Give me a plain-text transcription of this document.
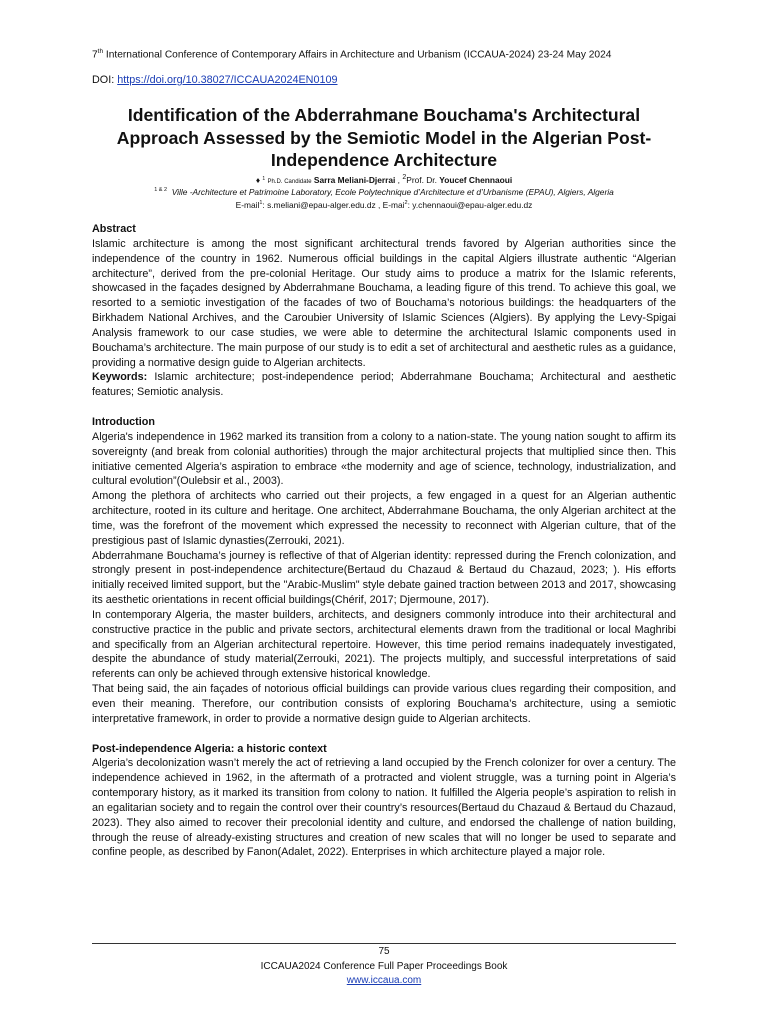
7th International Conference of Contemporary Affairs in Architecture and Urbanism (ICCAUA-2024) 23-24 May 2024
DOI: https://doi.org/10.38027/ICCAUA2024EN0109
Identification of the Abderrahmane Bouchama's Architectural
Approach Assessed by the Semiotic Model in the Algerian Post-
Independence Architecture
♦ $^1$ Ph.D. Candidate Sarra Meliani-Djerrai , $^2$Prof. Dr. Youcef Chennaoui
$^{1 \& 2}$ Ville -Architecture et Patrimoine Laboratory, Ecole Polytechnique d’Architecture et d’Urbanisme (EPAU), Algiers, Algeria
E-mail$^1$: s.meliani@epau-alger.edu.dz , E-mai$^2$: y.chennaoui@epau-alger.edu.dz

Abstract

Islamic architecture is among the most significant architectural trends favored by Algerian authorities since the independence of the country in 1962. Numerous official buildings in the capital Algiers illustrate authentic “Algerian architecture”, derived from the pre-colonial Heritage. Our study aims to produce a matrix for the Islamic referents, showcased in the façades designed by Abderrahmane Bouchama, a leading figure of this trend. To achieve this goal, we resorted to a semiotic investigation of the facades of two of Bouchama’s notorious buildings: the headquarters of the Birkhadem National Archives, and the Caroubier University of Islamic Sciences (Algiers). By applying the Levy-Spigai Analysis framework to our case studies, we were able to determine the architectural Islamic components used in Bouchama’s architecture. The main purpose of our study is to edit a set of architectural and aesthetic rules as a guidance, providing a normative design guide to Algerian architects.

Keywords: Islamic architecture; post-independence period; Abderrahmane Bouchama; Architectural and aesthetic features; Semiotic analysis.

Introduction

Algeria's independence in 1962 marked its transition from a colony to a nation-state. The young nation sought to affirm its sovereignty (and break from colonial authorities) through the major architectural projects that multiplied since then. This initiative cemented Algeria’s aspiration to embrace «the modernity and age of science, technology, industrialization, and cultural evolution”(Oulebsir et al., 2003).

Among the plethora of architects who carried out their projects, a few engaged in a quest for an Algerian authentic architecture, rooted in its culture and heritage. One architect, Abderrahmane Bouchama, the only Algerian architect at the time, was the forefront of the movement which expressed the necessity to reconnect with Algerian culture, that of the prestigious past of Islamic dynasties(Zerrouki, 2021).

Abderrahmane Bouchama’s journey is reflective of that of Algerian identity: repressed during the French colonization, and strongly present in post-independence architecture(Bertaud du Chazaud & Bertaud du Chazaud, 2023; ). His efforts initially received limited support, but the "Arabic-Muslim" style debate gained traction between 2013 and 2017, showcasing its aesthetic orientations in recent official buildings(Chérif, 2017; Djermoune, 2017).

In contemporary Algeria, the master builders, architects, and designers commonly introduce into their architectural and constructive practice in the public and private sectors, architectural elements drawn from the traditional or local Maghribi and specifically from an Algerian architectural repertoire. However, this time period remains inadequately investigated, despite the abundance of study material(Zerrouki, 2021). The projects multiply, and successful interpretations of said referents can only be achieved through extensive historical knowledge.

That being said, the ain façades of notorious official buildings can provide various clues regarding their composition, and even their meaning. Therefore, our contribution consists of exploring Bouchama’s architecture, using a semiotic interpretative framework, in order to provide a normative design guide to Algerian architects.

Post-independence Algeria: a historic context

Algeria’s decolonization wasn’t merely the act of retrieving a land occupied by the French colonizer for over a century. The independence achieved in 1962, in the aftermath of a protracted and violent struggle, was a turning point in Algeria’s contemporary history, as it marked its transition from colony to nation. It fulfilled the Algeria people’s aspiration to relish in an egalitarian society and to regain the control over their country’s resources(Bertaud du Chazaud & Bertaud du Chazaud, 2023). They also aimed to recover their precolonial identity and culture, and endorsed the challenge of nation building, through the reuse of already-existing structures and creation of new scales that will no longer be used to separate and confine people, as described by Fanon(Adalet, 2022). Enterprises in which architecture played a major role.

75
ICCAUA2024 Conference Full Paper Proceedings Book
www.iccaua.com
